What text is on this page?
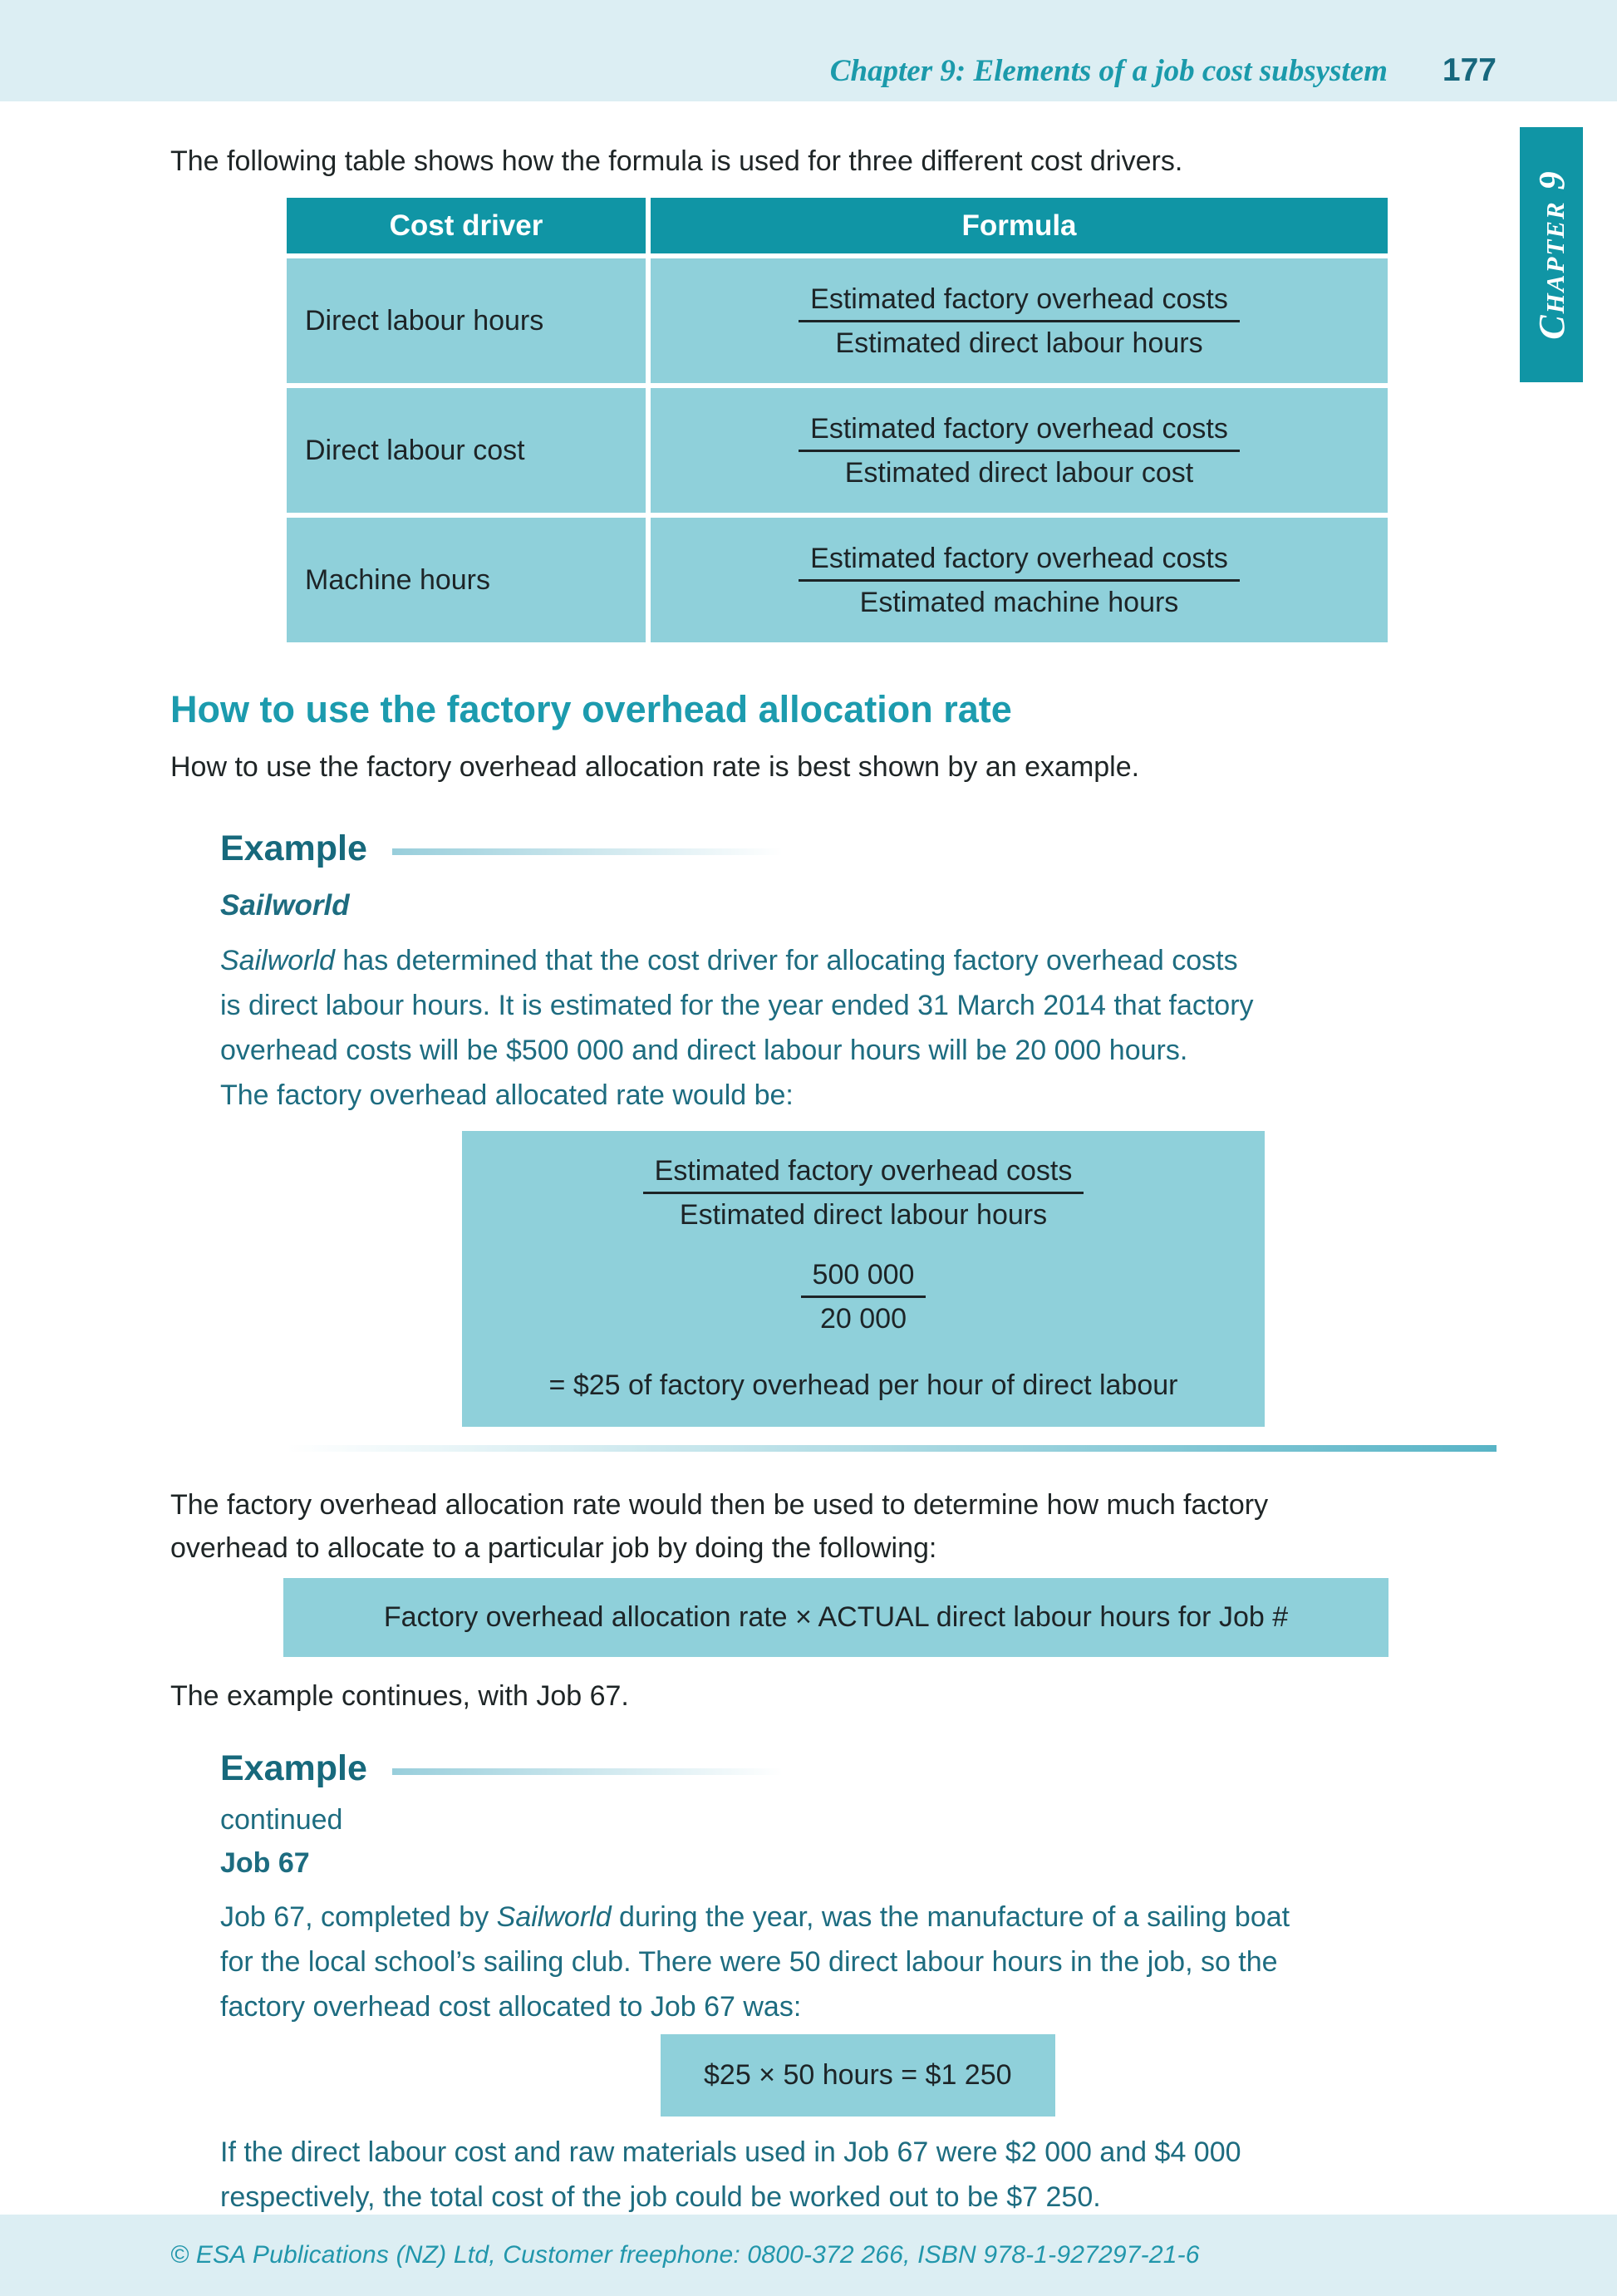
Chapter 9: Elements of a job cost subsystem 177
Chapter 9

The following table shows how the formula is used for three different cost drivers.

Cost driver	Formula
Direct labour hours	$\frac{\text{Estimated factory overhead costs}}{\text{Estimated direct labour hours}}$
Direct labour cost	$\frac{\text{Estimated factory overhead costs}}{\text{Estimated direct labour cost}}$
Machine hours	$\frac{\text{Estimated factory overhead costs}}{\text{Estimated machine hours}}$
How to use the factory overhead allocation rate

How to use the factory overhead allocation rate is best shown by an example.

Example
Sailworld
Sailworld has determined that the cost driver for allocating factory overhead costs
is direct labour hours. It is estimated for the year ended 31 March 2014 that factory
overhead costs will be $500 000 and direct labour hours will be 20 000 hours.
The factory overhead allocated rate would be:
$\frac{\text{Estimated factory overhead costs}}{\text{Estimated direct labour hours}}$
$\frac{500 000}{20 000}$
= $25 of factory overhead per hour of direct labour

The factory overhead allocation rate would then be used to determine how much factory
overhead to allocate to a particular job by doing the following:

Factory overhead allocation rate × ACTUAL direct labour hours for Job #

The example continues, with Job 67.

Example
continued
Job 67
Job 67, completed by Sailworld during the year, was the manufacture of a sailing boat
for the local school’s sailing club. There were 50 direct labour hours in the job, so the
factory overhead cost allocated to Job 67 was:
$25 × 50 hours = $1 250
If the direct labour cost and raw materials used in Job 67 were $2 000 and $4 000
respectively, the total cost of the job could be worked out to be $7 250.
© ESA Publications (NZ) Ltd, Customer freephone: 0800-372 266, ISBN 978-1-927297-21-6
